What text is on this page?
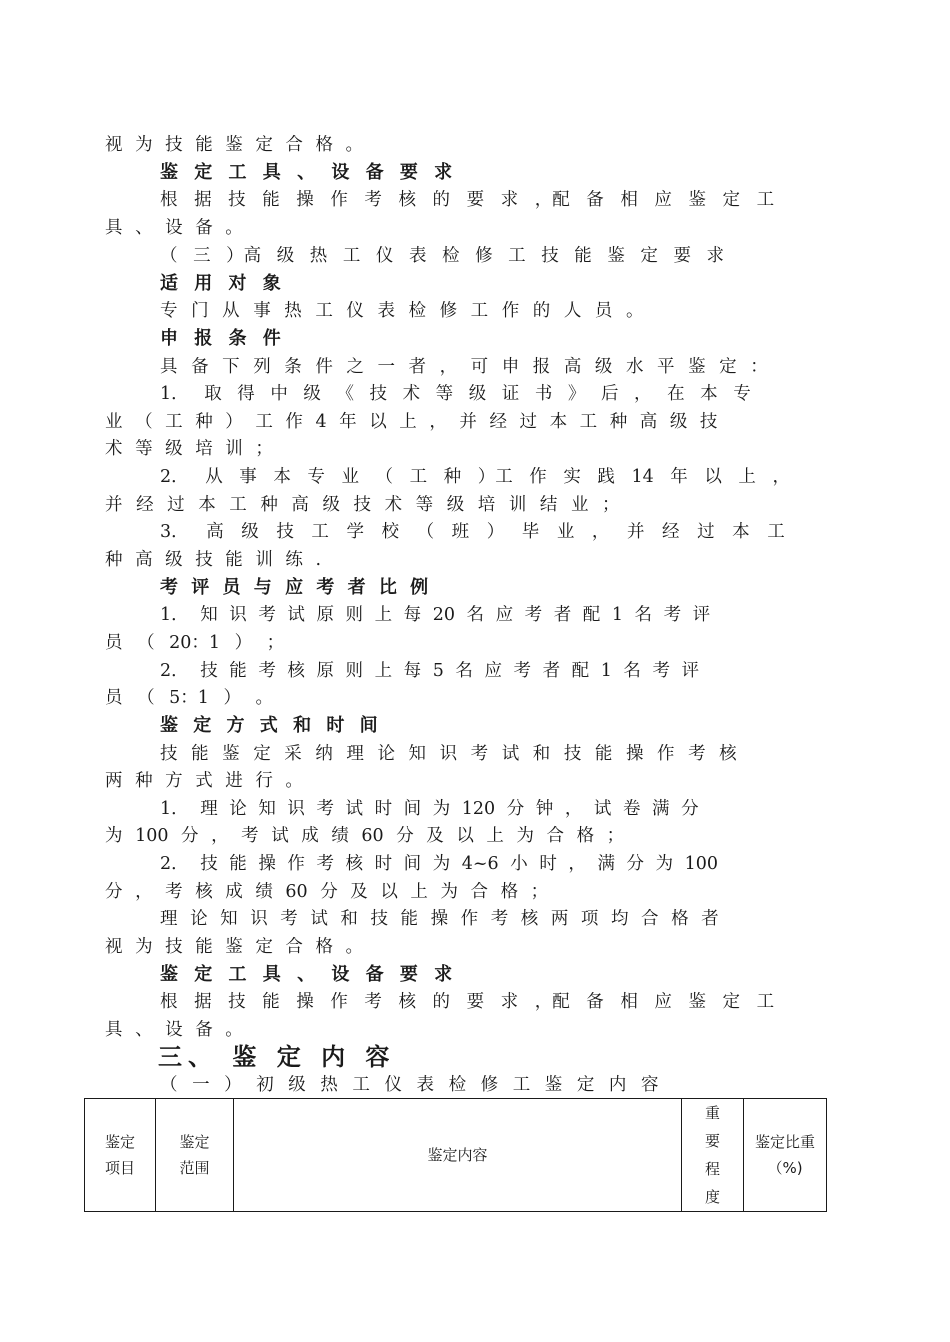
视 为 技 能 鉴 定 合 格 。
鉴 定 工 具 、 设 备 要 求
根 据 技 能 操 作 考 核 的 要 求 ，配 备 相 应 鉴 定 工
具 、 设 备 。
（ 三 ）高 级 热 工 仪 表 检 修 工 技 能 鉴 定 要 求
适 用 对 象
专 门 从 事 热 工 仪 表 检 修 工 作 的 人 员 。
申 报 条 件
具 备 下 列 条 件 之 一 者 ， 可 申 报 高 级 水 平 鉴 定 ：
1． 取 得 中 级 《 技 术 等 级 证 书 》 后 ， 在 本 专
业 （ 工 种 ） 工 作 4 年 以 上 ， 并 经 过 本 工 种 高 级 技
术 等 级 培 训 ；
2． 从 事 本 专 业 （ 工 种 ）工 作 实 践 14 年 以 上 ，
并 经 过 本 工 种 高 级 技 术 等 级 培 训 结 业 ；
3． 高 级 技 工 学 校 （ 班 ） 毕 业 ， 并 经 过 本 工
种 高 级 技 能 训 练 .
考 评 员 与 应 考 者 比 例
1． 知 识 考 试 原 则 上 每 20 名 应 考 者 配 1 名 考 评
员 （ 20：1 ） ；
2． 技 能 考 核 原 则 上 每 5 名 应 考 者 配 1 名 考 评
员 （ 5：1 ） 。
鉴 定 方 式 和 时 间
技 能 鉴 定 采 纳 理 论 知 识 考 试 和 技 能 操 作 考 核
两 种 方 式 进 行 。
1． 理 论 知 识 考 试 时 间 为 120 分 钟 ， 试 卷 满 分
为 100 分 ， 考 试 成 绩 60 分 及 以 上 为 合 格 ；
2． 技 能 操 作 考 核 时 间 为 4~6 小 时 ， 满 分 为 100
分 ， 考 核 成 绩 60 分 及 以 上 为 合 格 ；
理 论 知 识 考 试 和 技 能 操 作 考 核 两 项 均 合 格 者
视 为 技 能 鉴 定 合 格 。
鉴 定 工 具 、 设 备 要 求
根 据 技 能 操 作 考 核 的 要 求 ，配 备 相 应 鉴 定 工
具 、 设 备 。
三、 鉴 定 内 容
（ 一 ） 初 级 热 工 仪 表 检 修 工 鉴 定 内 容
鉴定项目	鉴定范围	鉴定内容	重要程度	鉴定比重（%)
